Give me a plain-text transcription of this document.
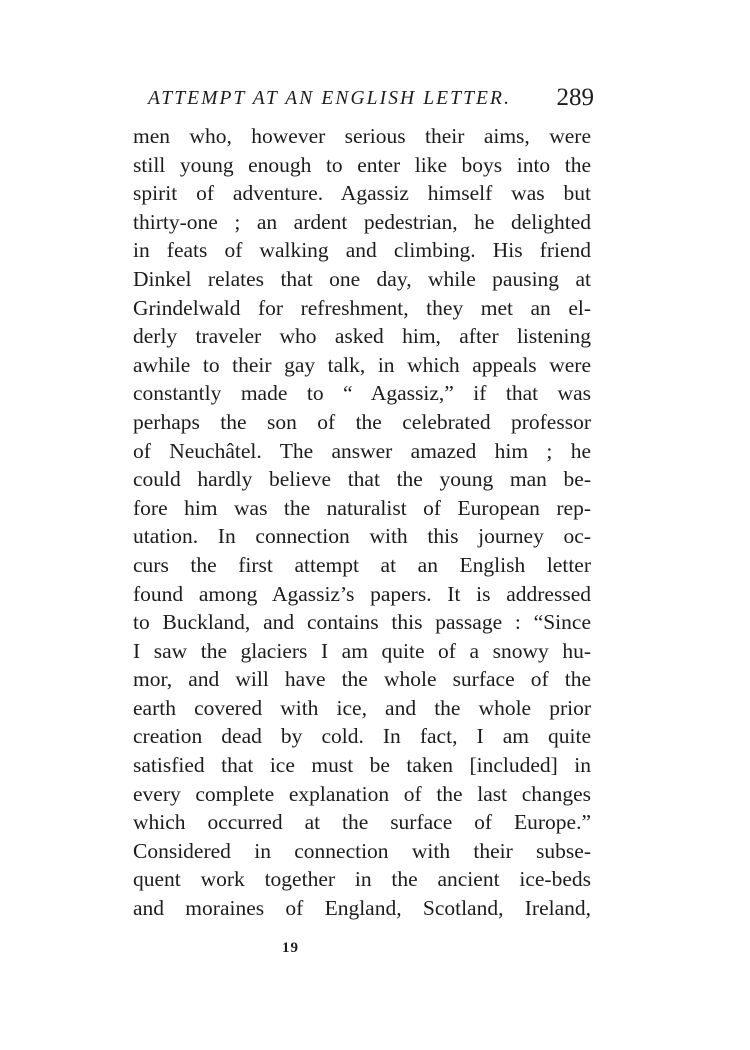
ATTEMPT AT AN ENGLISH LETTER. 289
men who, however serious their aims, were
still young enough to enter like boys into the
spirit of adventure. Agassiz himself was but
thirty-one ; an ardent pedestrian, he delighted
in feats of walking and climbing. His friend
Dinkel relates that one day, while pausing at
Grindelwald for refreshment, they met an el-
derly traveler who asked him, after listening
awhile to their gay talk, in which appeals were
constantly made to “ Agassiz,” if that was
perhaps the son of the celebrated professor
of Neuchâtel. The answer amazed him ; he
could hardly believe that the young man be-
fore him was the naturalist of European rep-
utation. In connection with this journey oc-
curs the first attempt at an English letter
found among Agassiz’s papers. It is addressed
to Buckland, and contains this passage : “Since
I saw the glaciers I am quite of a snowy hu-
mor, and will have the whole surface of the
earth covered with ice, and the whole prior
creation dead by cold. In fact, I am quite
satisfied that ice must be taken [included] in
every complete explanation of the last changes
which occurred at the surface of Europe.”
Considered in connection with their subse-
quent work together in the ancient ice-beds
and moraines of England, Scotland, Ireland,
19
